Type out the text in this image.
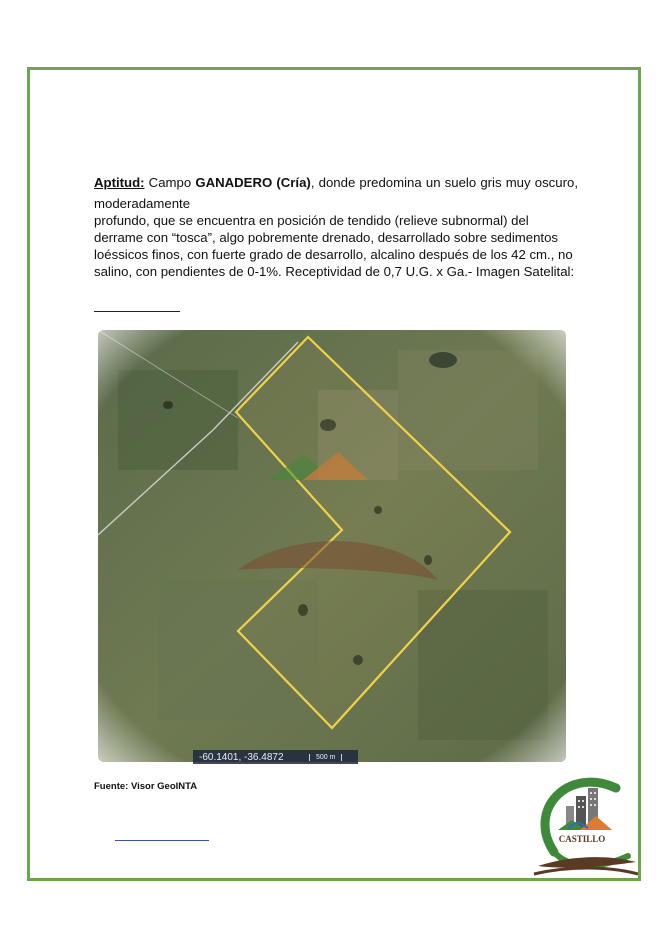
Aptitud: Campo GANADERO (Cría), donde predomina un suelo gris muy oscuro,
moderadamente
profundo, que se encuentra en posición de tendido (relieve subnormal) del derrame con “tosca”, algo pobremente drenado, desarrollado sobre sedimentos loéssicos finos, con fuerte grado de desarrollo, alcalino después de los 42 cm., no salino, con pendientes de 0-1%. Receptividad de 0,7 U.G. x Ga.- Imagen Satelital:
-60.1401, -36.4872	500 m
Fuente: Visor GeoINTA
CASTILLO
